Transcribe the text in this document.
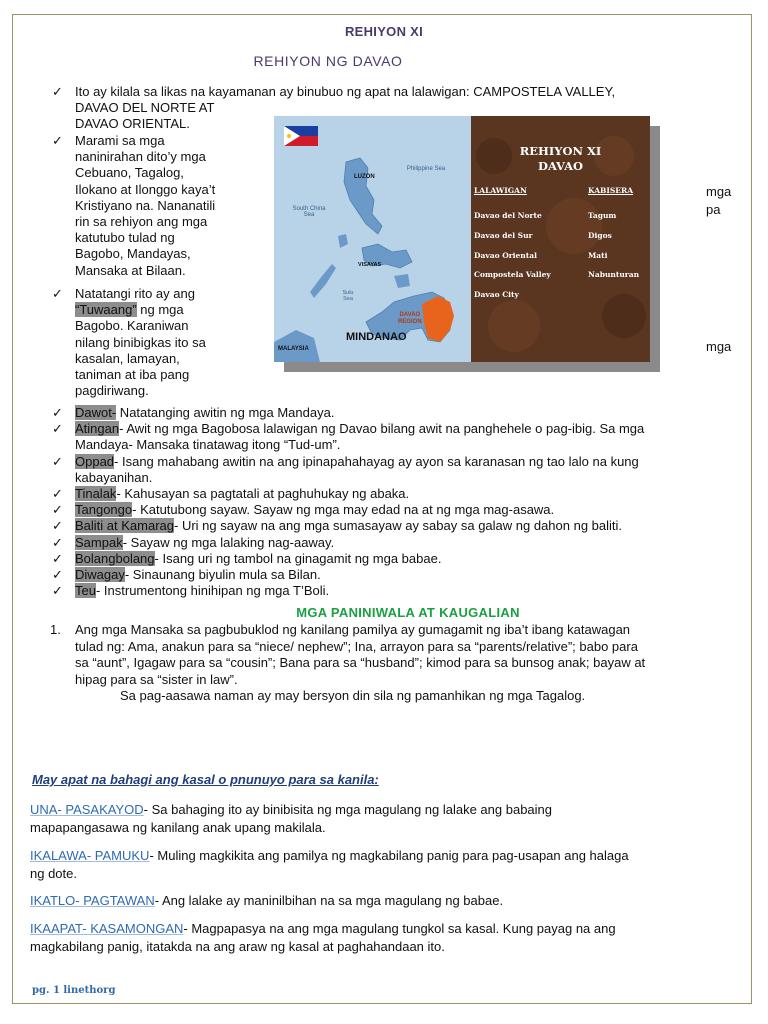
REHIYON XI
REHIYON NG DAVAO
✓ Ito ay kilala sa likas na kayamanan ay binubuo ng apat na lalawigan: CAMPOSTELA VALLEY,
DAVAO DEL NORTE AT
DAVAO ORIENTAL.
✓ Marami sa mga
naninirahan dito’y mga
Cebuano, Tagalog,
Ilokano at Ilonggo kaya’t
Kristiyano na. Nananatili
rin sa rehiyon ang mga
katutubo tulad ng
Bagobo, Mandayas,
Mansaka at Bilaan.
mga
pa
✓ Natatangi rito ay ang
“Tuwaang” ng mga
Bagobo. Karaniwan
nilang binibigkas ito sa
kasalan, lamayan,
taniman at iba pang
pagdiriwang.
mga
LUZON
Philippine Sea
South China Sea
VISAYAS
Sulu Sea
MALAYSIA
MINDANAO
DAVAO
REGION
REHIYON XI
DAVAO
LALAWIGAN	KABISERA
Davao del Norte
Davao del Sur
Davao Oriental
Compostela Valley
Davao City
Tagum
Digos
Mati
Nabunturan
✓ Dawot- Natatanging awitin ng mga Mandaya.
✓ Atingan- Awit ng mga Bagobosa lalawigan ng Davao bilang awit na panghehele o pag-ibig. Sa mga
Mandaya- Mansaka tinatawag itong “Tud-um”.
✓ Oppad- Isang mahabang awitin na ang ipinapahahayag ay ayon sa karanasan ng tao lalo na kung
kabayanihan.
✓ Tinalak- Kahusayan sa pagtatali at paghuhukay ng abaka.
✓ Tangongo- Katutubong sayaw. Sayaw ng mga may edad na at ng mga mag-asawa.
✓ Baliti at Kamarag- Uri ng sayaw na ang mga sumasayaw ay sabay sa galaw ng dahon ng baliti.
✓ Sampak- Sayaw ng mga lalaking nag-aaway.
✓ Bolangbolang- Isang uri ng tambol na ginagamit ng mga babae.
✓ Diwagay- Sinaunang biyulin mula sa Bilan.
✓ Teu- Instrumentong hinihipan ng mga T’Boli.
MGA PANINIWALA AT KAUGALIAN
1. Ang mga Mansaka sa pagbubuklod ng kanilang pamilya ay gumagamit ng iba’t ibang katawagan
tulad ng: Ama, anakun para sa “niece/ nephew”; Ina, arrayon para sa “parents/relative”; babo para
sa “aunt”, Igagaw para sa “cousin”; Bana para sa “husband”; kimod para sa bunsog anak; bayaw at
hipag para sa “sister in law”.
Sa pag-aasawa naman ay may bersyon din sila ng pamanhikan ng mga Tagalog.
May apat na bahagi ang kasal o pnunuyo para sa kanila:
UNA- PASAKAYOD- Sa bahaging ito ay binibisita ng mga magulang ng lalake ang babaing
mapapangasawa ng kanilang anak upang makilala.
IKALAWA- PAMUKU- Muling magkikita ang pamilya ng magkabilang panig para pag-usapan ang halaga
ng dote.
IKATLO- PAGTAWAN- Ang lalake ay maninilbihan na sa mga magulang ng babae.
IKAAPAT- KASAMONGAN- Magpapasya na ang mga magulang tungkol sa kasal. Kung payag na ang
magkabilang panig, itatakda na ang araw ng kasal at paghahandaan ito.
pg. 1 linethorg
